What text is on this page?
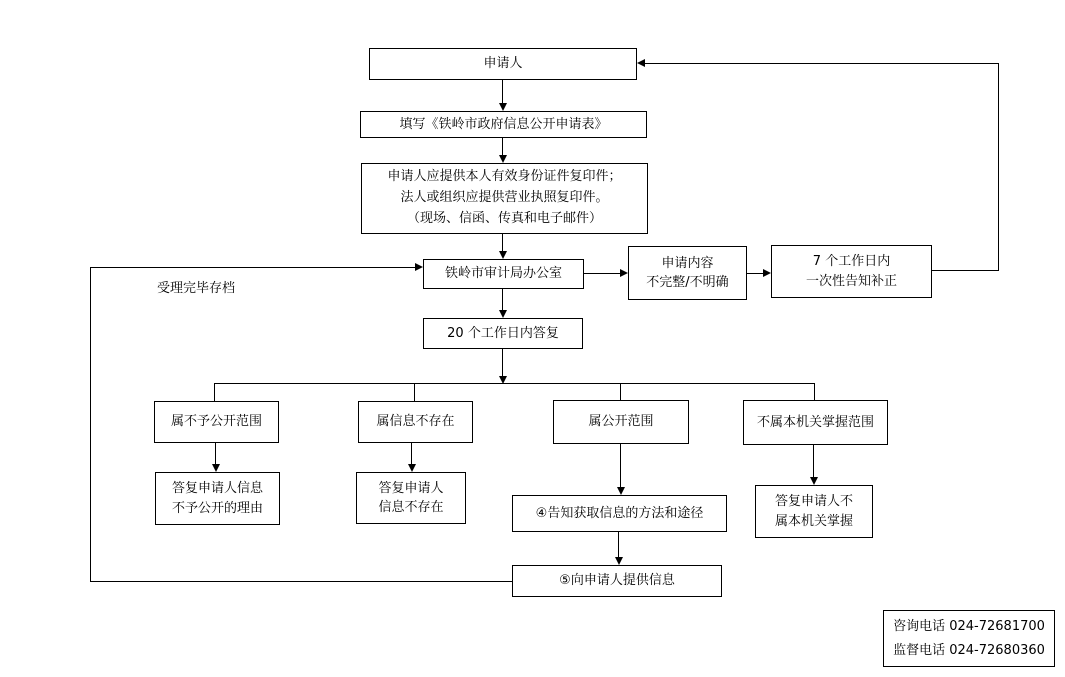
申请人
填写《铁岭市政府信息公开申请表》
申请人应提供本人有效身份证件复印件；
法人或组织应提供营业执照复印件。
（现场、信函、传真和电子邮件）
铁岭市审计局办公室
申请内容
不完整/不明确
7 个工作日内
一次性告知补正
20 个工作日内答复
属不予公开范围	属信息不存在	属公开范围	不属本机关掌握范围
答复申请人信息
不予公开的理由
答复申请人
信息不存在	④告知获取信息的方法和途径
答复申请人不
属本机关掌握
⑤向申请人提供信息
咨询电话 024-72681700
监督电话 024-72680360
受理完毕存档
